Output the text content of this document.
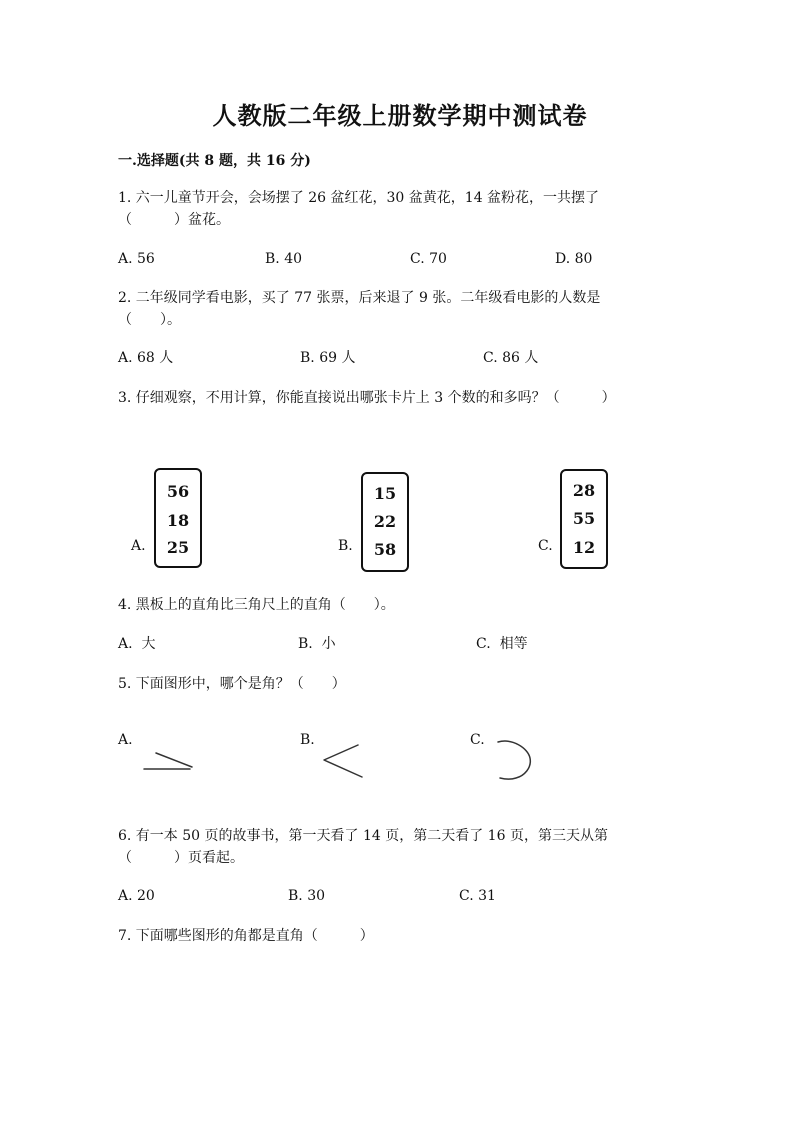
人教版二年级上册数学期中测试卷
一.选择题(共 8 题，共 16 分)
1. 六一儿童节开会，会场摆了 26 盆红花，30 盆黄花，14 盆粉花，一共摆了
（　　　）盆花。
A. 56	B. 40	C. 70	D. 80
2. 二年级同学看电影，买了 77 张票，后来退了 9 张。二年级看电影的人数是
（　　）。
A. 68 人	B. 69 人	C. 86 人
3. 仔细观察，不用计算，你能直接说出哪张卡片上 3 个数的和多吗？（　　　）
A.
56
18
25	B.
15
22
58	C.
28
55
12
4. 黑板上的直角比三角尺上的直角（　　）。
A.  大	B.  小	C.  相等
5. 下面图形中，哪个是角？（　　）
A.	B.	C.
6. 有一本 50 页的故事书，第一天看了 14 页，第二天看了 16 页，第三天从第
（　　　）页看起。
A. 20	B. 30	C. 31
7. 下面哪些图形的角都是直角（　　　）
